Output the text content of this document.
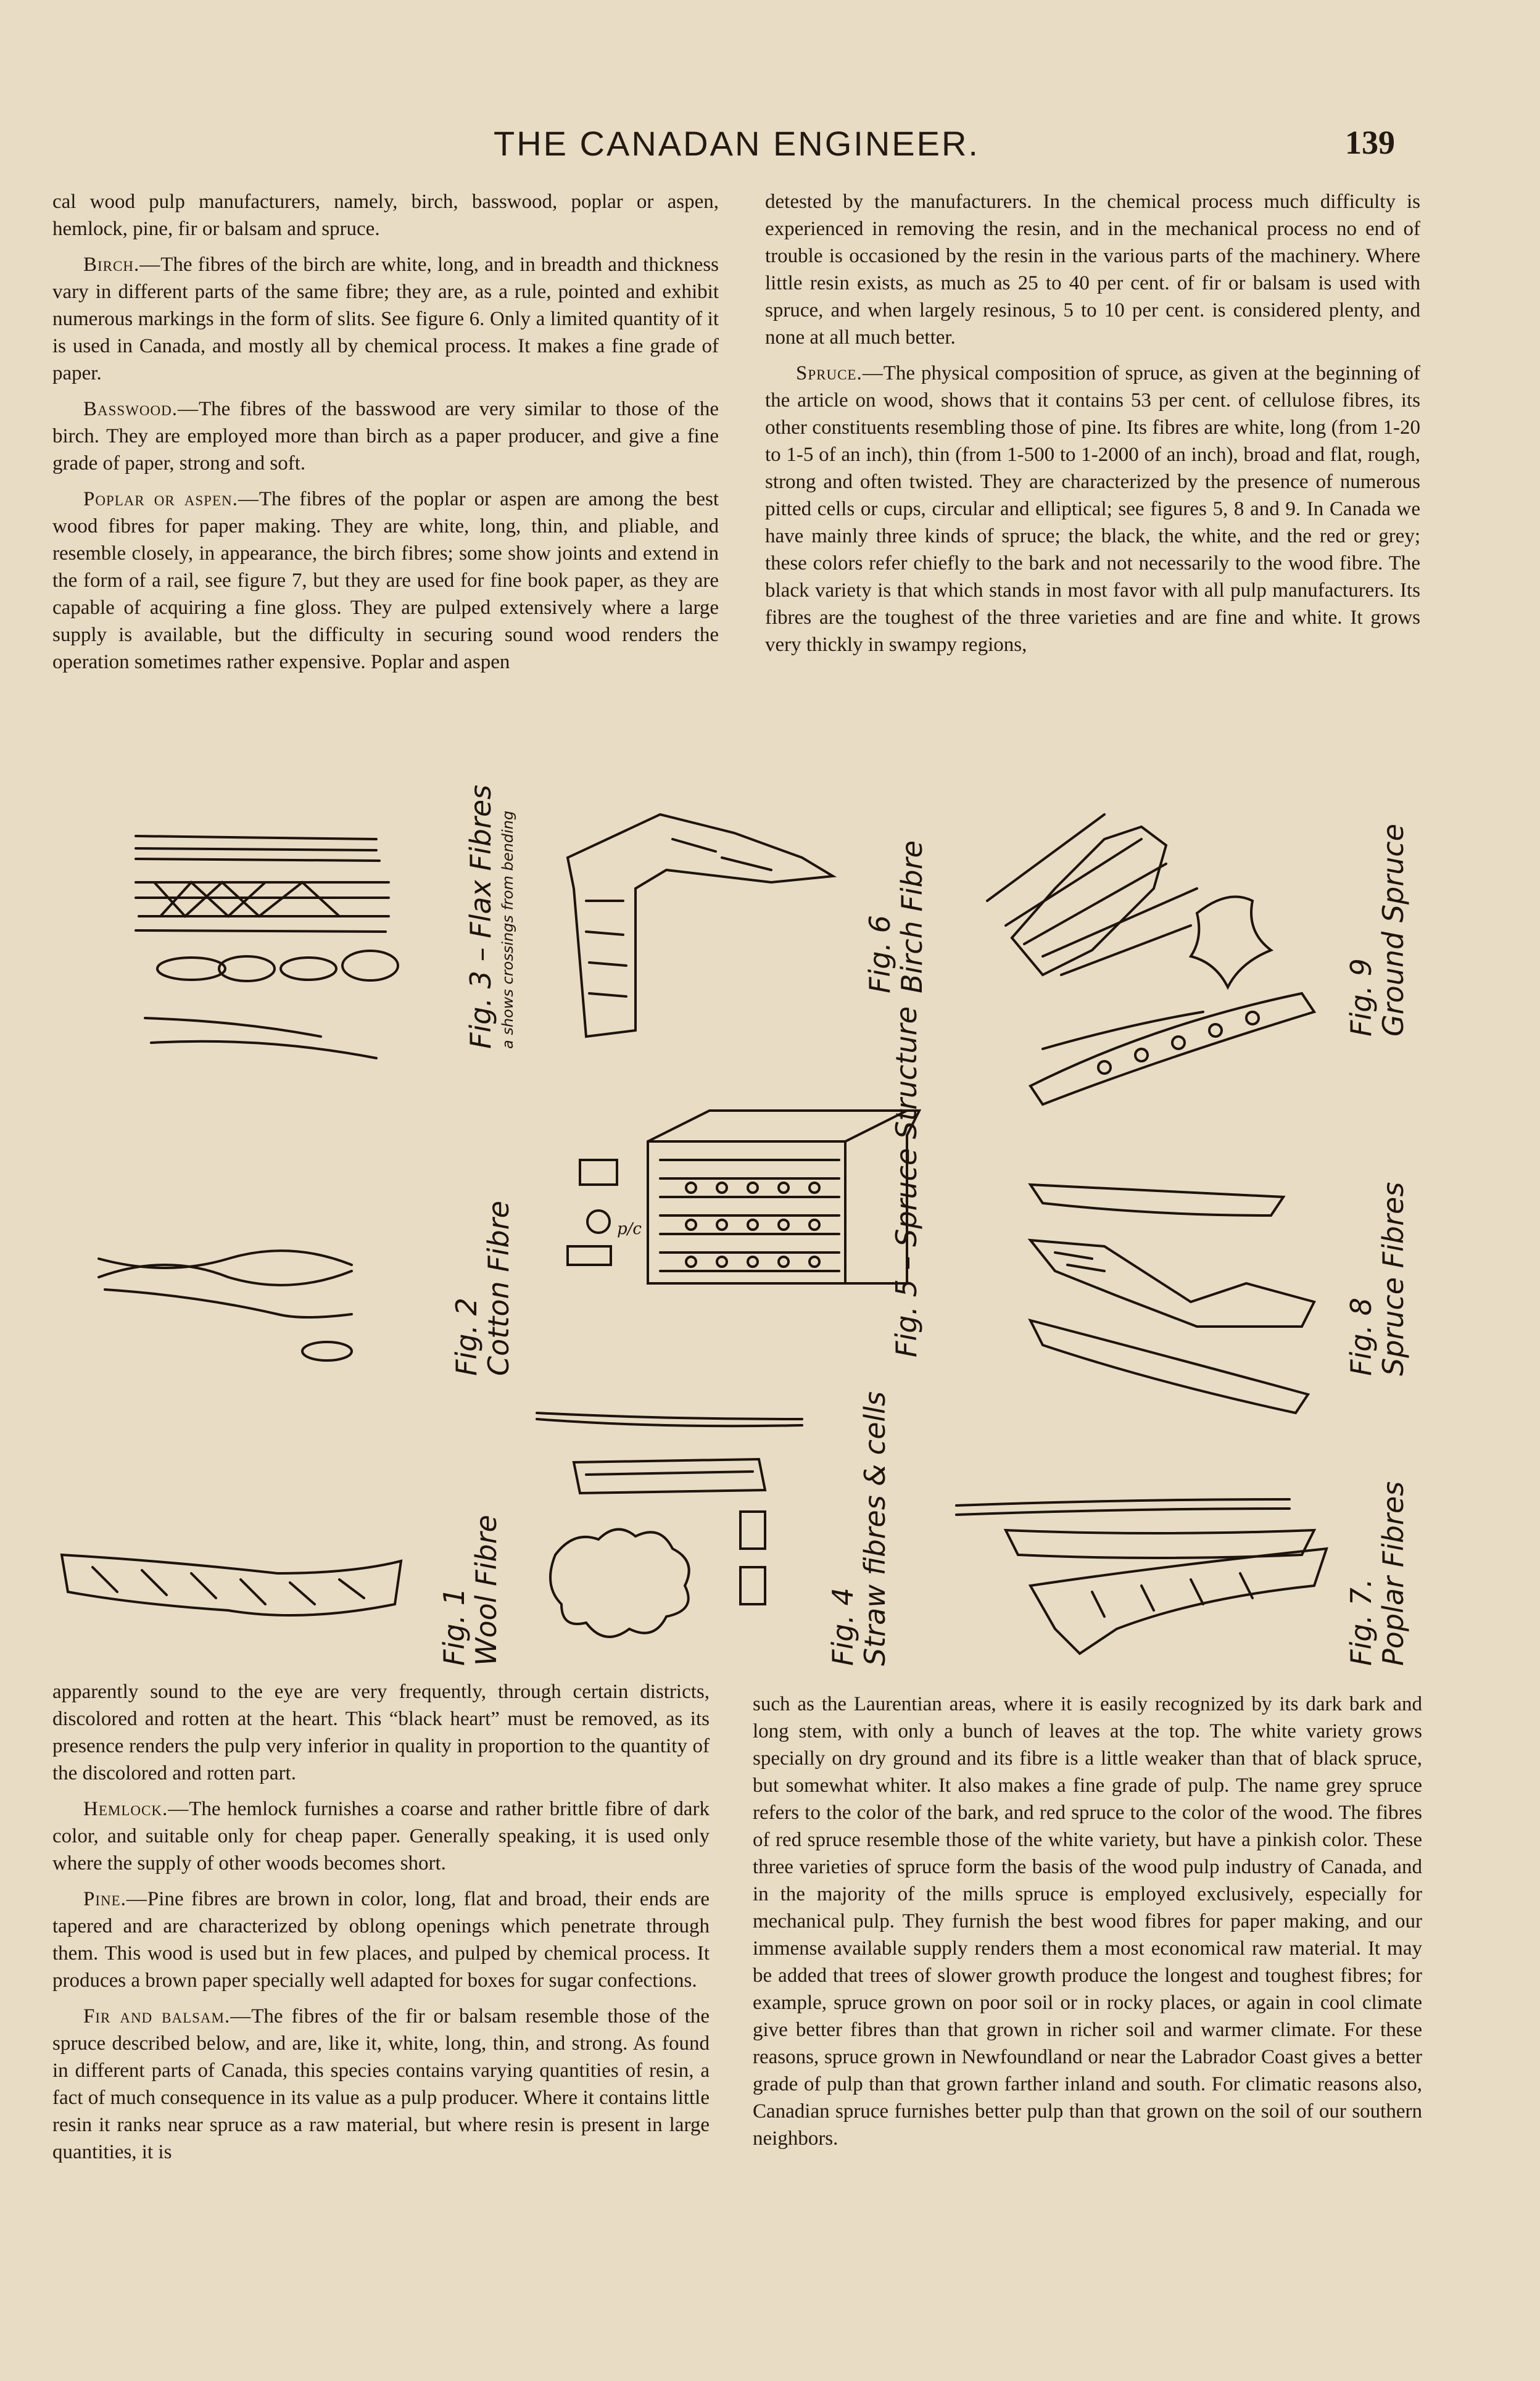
THE CANADAN ENGINEER.	139

cal wood pulp manufacturers, namely, birch, basswood, poplar or aspen, hemlock, pine, fir or balsam and spruce.

Birch.—The fibres of the birch are white, long, and in breadth and thickness vary in different parts of the same fibre; they are, as a rule, pointed and exhibit numerous markings in the form of slits. See figure 6. Only a limited quantity of it is used in Canada, and mostly all by chemical process. It makes a fine grade of paper.

Basswood.—The fibres of the basswood are very similar to those of the birch. They are employed more than birch as a paper producer, and give a fine grade of paper, strong and soft.

Poplar or aspen.—The fibres of the poplar or aspen are among the best wood fibres for paper making. They are white, long, thin, and pliable, and resemble closely, in appearance, the birch fibres; some show joints and extend in the form of a rail, see figure 7, but they are used for fine book paper, as they are capable of acquiring a fine gloss. They are pulped extensively where a large supply is available, but the difficulty in securing sound wood renders the operation sometimes rather expensive. Poplar and aspen

detested by the manufacturers. In the chemical process much difficulty is experienced in removing the resin, and in the mechanical process no end of trouble is occasioned by the resin in the various parts of the machinery. Where little resin exists, as much as 25 to 40 per cent. of fir or balsam is used with spruce, and when largely resinous, 5 to 10 per cent. is considered plenty, and none at all much better.

Spruce.—The physical composition of spruce, as given at the beginning of the article on wood, shows that it contains 53 per cent. of cellulose fibres, its other constituents resembling those of pine. Its fibres are white, long (from 1-20 to 1-5 of an inch), thin (from 1-500 to 1-2000 of an inch), broad and flat, rough, strong and often twisted. They are characterized by the presence of numerous pitted cells or cups, circular and elliptical; see figures 5, 8 and 9. In Canada we have mainly three kinds of spruce; the black, the white, and the red or grey; these colors refer chiefly to the bark and not necessarily to the wood fibre. The black variety is that which stands in most favor with all pulp manufacturers. Its fibres are the toughest of the three varieties and are fine and white. It grows very thickly in swampy regions,

p/c
Fig. 3 – Flax Fibres a shows crossings from bending	Fig. 6
Birch Fibre
Fig. 9
Ground Spruce
Fig. 2
Cotton Fibre	Fig. 5 – Spruce Structure	Fig. 8
Spruce Fibres
Fig. 1
Wool Fibre	Fig. 4
Straw fibres & cells	Fig. 7.
Poplar Fibres

apparently sound to the eye are very frequently, through certain districts, discolored and rotten at the heart. This “black heart” must be removed, as its presence renders the pulp very inferior in quality in proportion to the quantity of the discolored and rotten part.

Hemlock.—The hemlock furnishes a coarse and rather brittle fibre of dark color, and suitable only for cheap paper. Generally speaking, it is used only where the supply of other woods becomes short.

Pine.—Pine fibres are brown in color, long, flat and broad, their ends are tapered and are characterized by oblong openings which penetrate through them. This wood is used but in few places, and pulped by chemical process. It produces a brown paper specially well adapted for boxes for sugar confections.

Fir and balsam.—The fibres of the fir or balsam resemble those of the spruce described below, and are, like it, white, long, thin, and strong. As found in different parts of Canada, this species contains varying quantities of resin, a fact of much consequence in its value as a pulp producer. Where it contains little resin it ranks near spruce as a raw material, but where resin is present in large quantities, it is

such as the Laurentian areas, where it is easily recognized by its dark bark and long stem, with only a bunch of leaves at the top. The white variety grows specially on dry ground and its fibre is a little weaker than that of black spruce, but somewhat whiter. It also makes a fine grade of pulp. The name grey spruce refers to the color of the bark, and red spruce to the color of the wood. The fibres of red spruce resemble those of the white variety, but have a pinkish color. These three varieties of spruce form the basis of the wood pulp industry of Canada, and in the majority of the mills spruce is employed exclusively, especially for mechanical pulp. They furnish the best wood fibres for paper making, and our immense available supply renders them a most economical raw material. It may be added that trees of slower growth produce the longest and toughest fibres; for example, spruce grown on poor soil or in rocky places, or again in cool climate give better fibres than that grown in richer soil and warmer climate. For these reasons, spruce grown in Newfoundland or near the Labrador Coast gives a better grade of pulp than that grown farther inland and south. For climatic reasons also, Canadian spruce furnishes better pulp than that grown on the soil of our southern neighbors.
